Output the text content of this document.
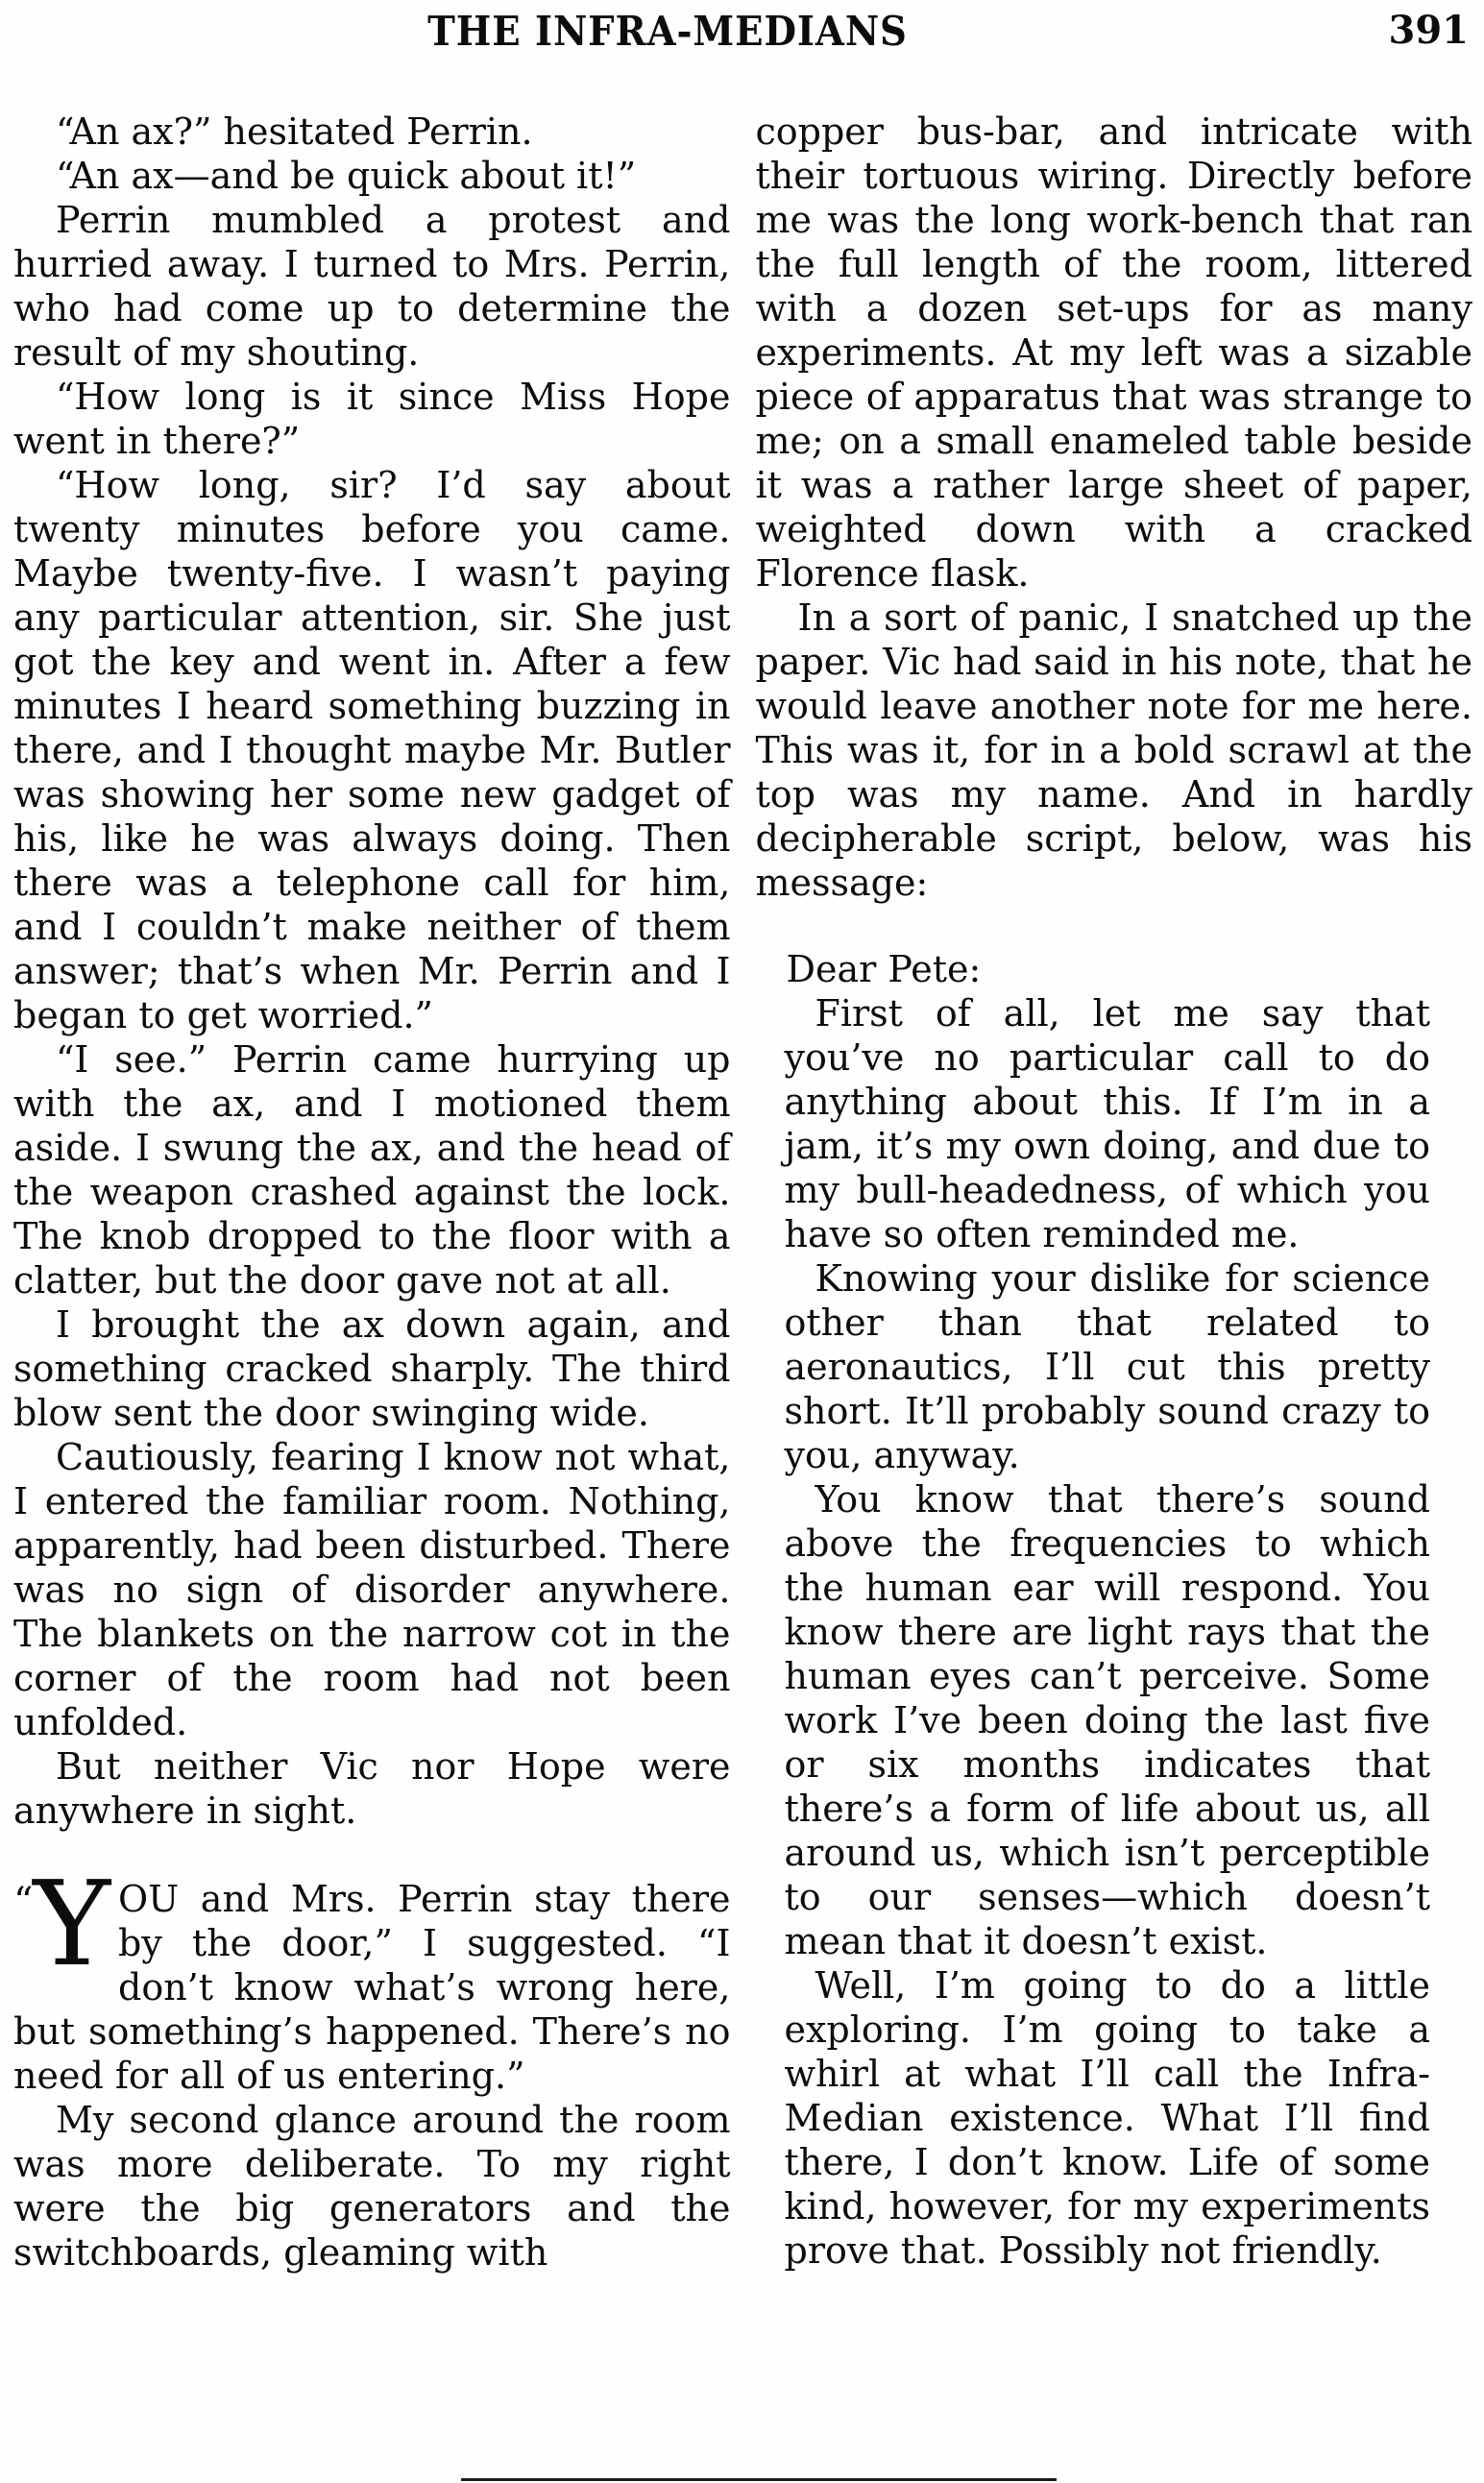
THE INFRA-MEDIANS	391

“An ax?” hesitated Perrin.

“An ax—and be quick about it!”

Perrin mumbled a protest and hurried away. I turned to Mrs. Perrin, who had come up to determine the result of my shouting.

“How long is it since Miss Hope went in there?”

“How long, sir? I’d say about twenty minutes before you came. Maybe twenty-five. I wasn’t paying any particular attention, sir. She just got the key and went in. After a few minutes I heard something buzzing in there, and I thought maybe Mr. Butler was showing her some new gadget of his, like he was always doing. Then there was a telephone call for him, and I couldn’t make neither of them answer; that’s when Mr. Perrin and I began to get worried.”

“I see.” Perrin came hurrying up with the ax, and I motioned them aside. I swung the ax, and the head of the weapon crashed against the lock. The knob dropped to the floor with a clatter, but the door gave not at all.

I brought the ax down again, and something cracked sharply. The third blow sent the door swinging wide.

Cautiously, fearing I know not what, I entered the familiar room. Nothing, apparently, had been disturbed. There was no sign of disorder anywhere. The blankets on the narrow cot in the corner of the room had not been unfolded.

But neither Vic nor Hope were anywhere in sight.

“Y OU and Mrs. Perrin stay there by the door,” I suggested. “I don’t know what’s wrong here, but something’s happened. There’s no need for all of us entering.”

My second glance around the room was more deliberate. To my right were the big generators and the switchboards, gleaming with

copper bus-bar, and intricate with their tortuous wiring. Directly before me was the long work-bench that ran the full length of the room, littered with a dozen set-ups for as many experiments. At my left was a sizable piece of apparatus that was strange to me; on a small enameled table beside it was a rather large sheet of paper, weighted down with a cracked Florence flask.

In a sort of panic, I snatched up the paper. Vic had said in his note, that he would leave another note for me here. This was it, for in a bold scrawl at the top was my name. And in hardly decipherable script, below, was his message:

Dear Pete:

First of all, let me say that you’ve no particular call to do anything about this. If I’m in a jam, it’s my own doing, and due to my bull-headedness, of which you have so often reminded me.

Knowing your dislike for science other than that related to aeronautics, I’ll cut this pretty short. It’ll probably sound crazy to you, anyway.

You know that there’s sound above the frequencies to which the human ear will respond. You know there are light rays that the human eyes can’t perceive. Some work I’ve been doing the last five or six months indicates that there’s a form of life about us, all around us, which isn’t perceptible to our senses—which doesn’t mean that it doesn’t exist.

Well, I’m going to do a little exploring. I’m going to take a whirl at what I’ll call the Infra-Median existence. What I’ll find there, I don’t know. Life of some kind, however, for my experiments prove that. Possibly not friendly.
